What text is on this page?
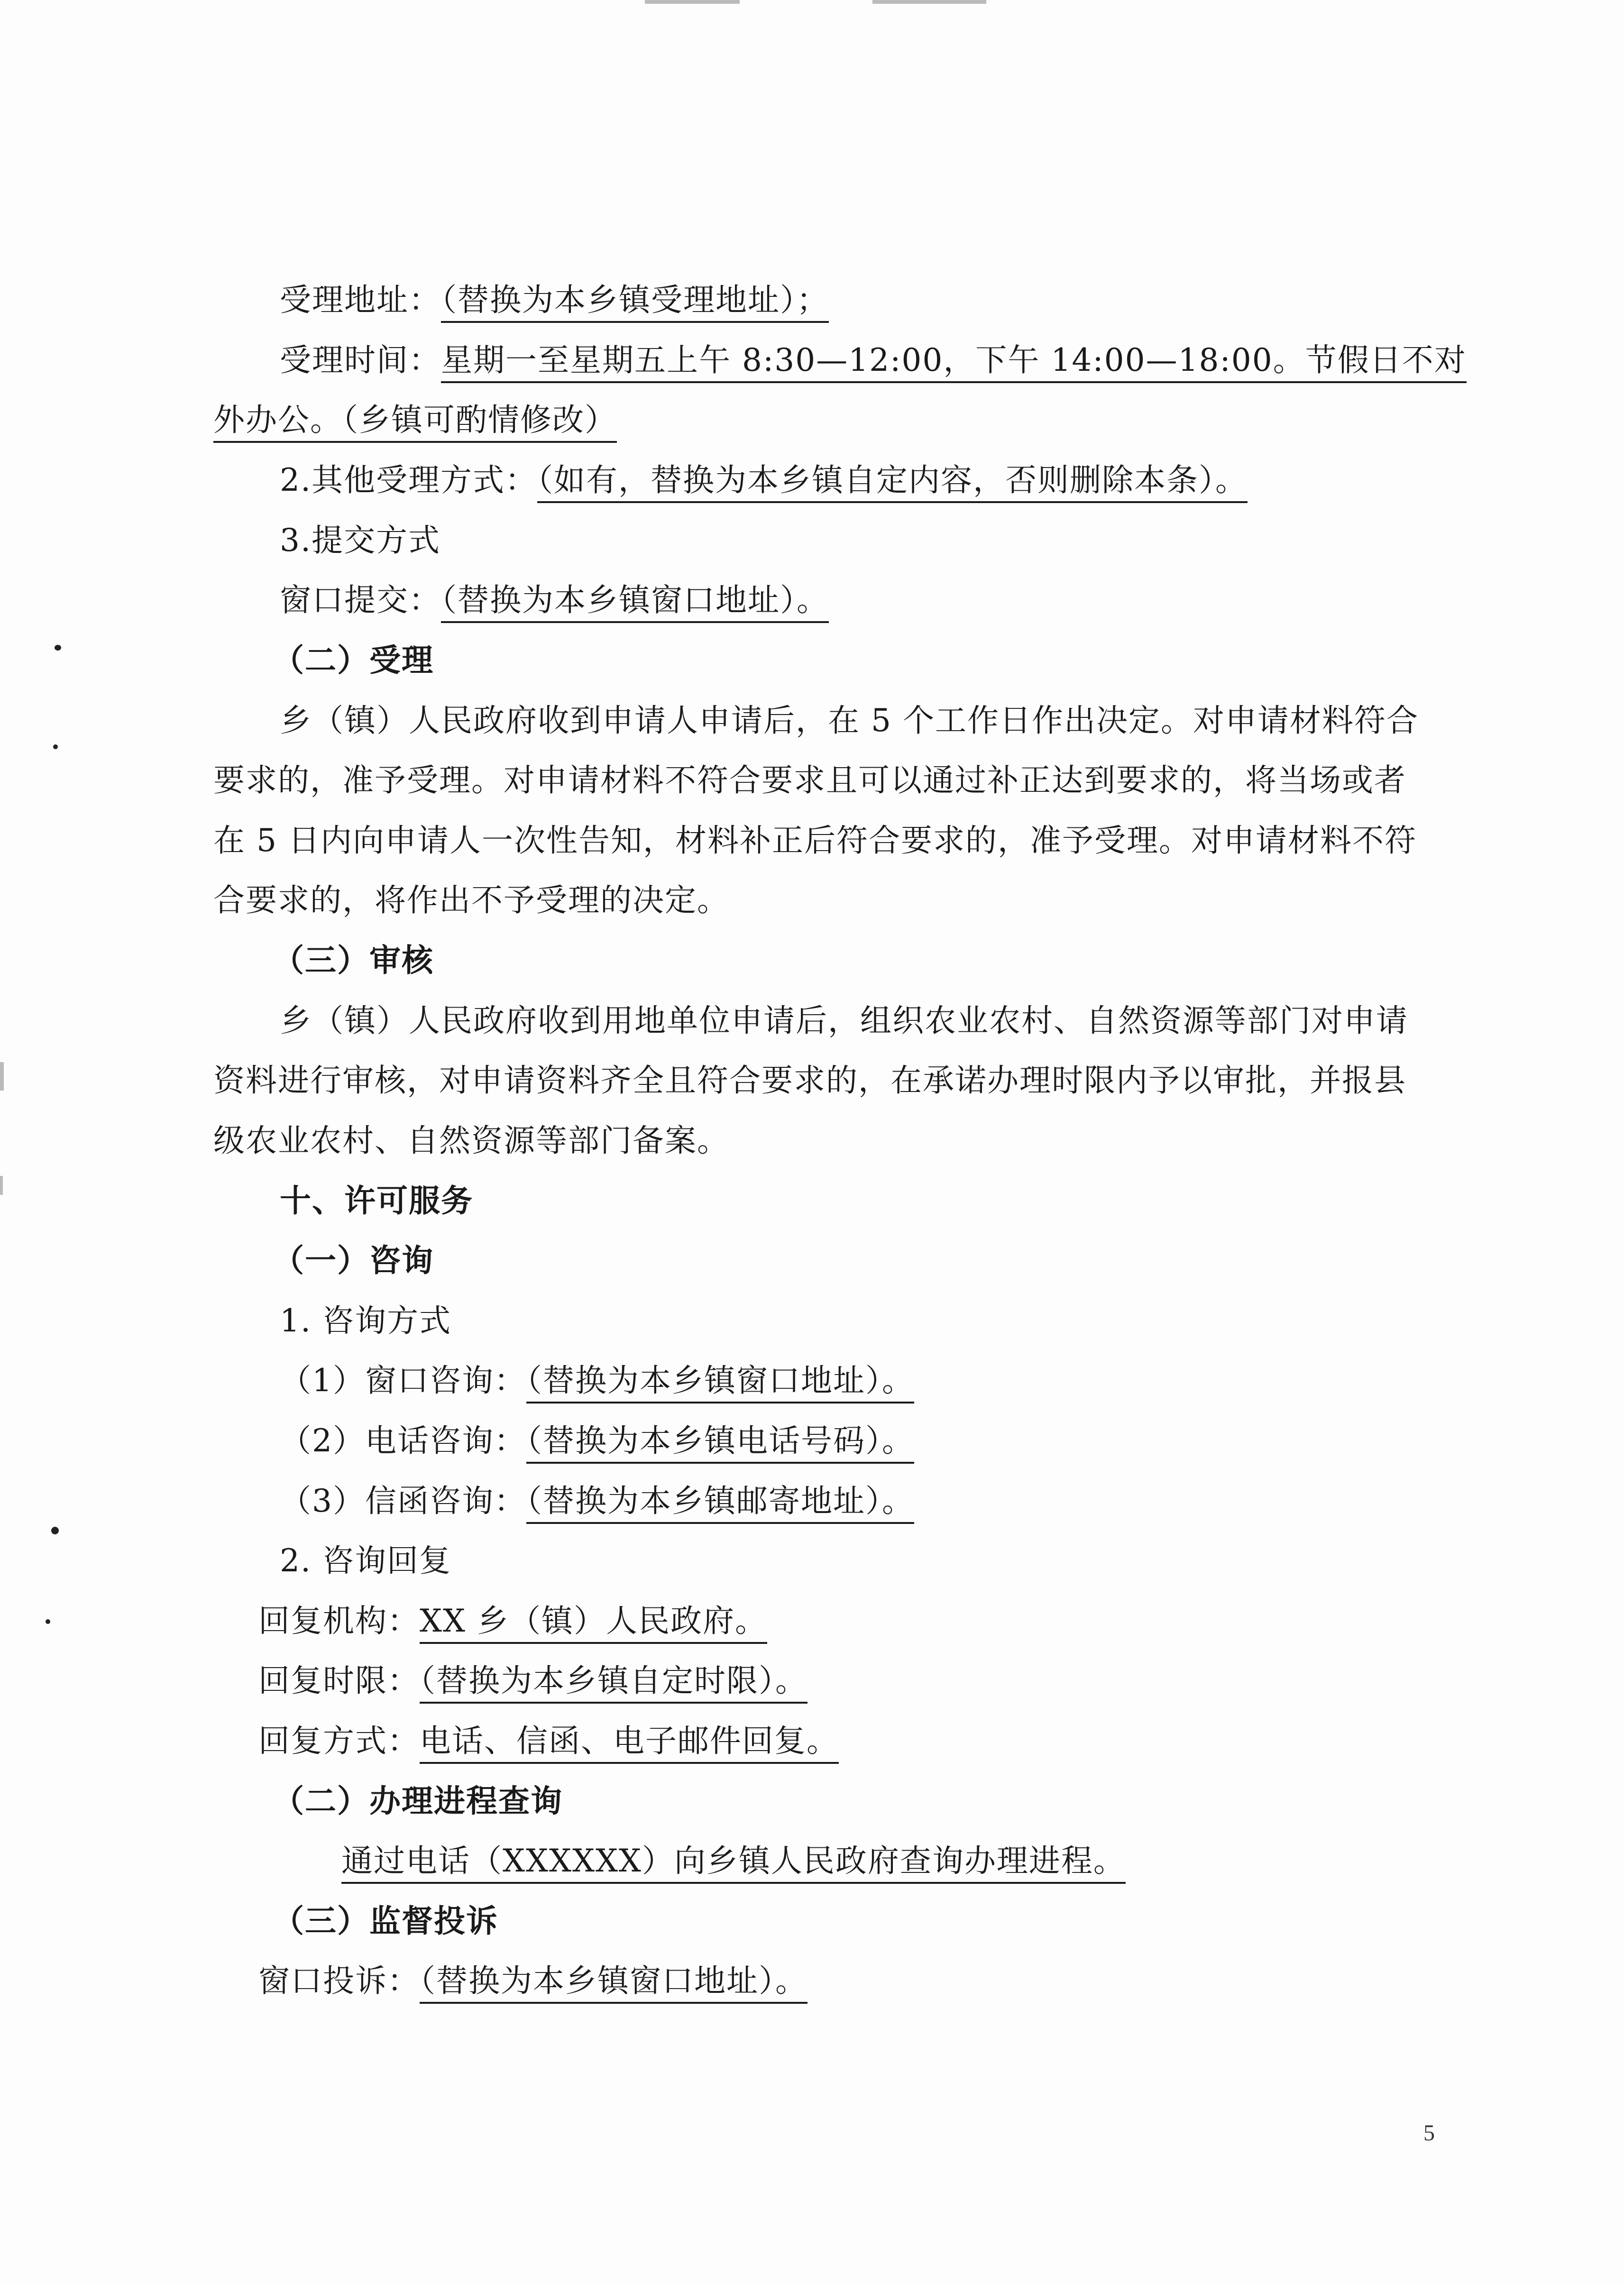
受理地址：（替换为本乡镇受理地址）；
受理时间：星期一至星期五上午 8:30—12:00，下午 14:00—18:00。节假日不对
外办公。（乡镇可酌情修改）
2.其他受理方式：（如有，替换为本乡镇自定内容，否则删除本条）。
3.提交方式
窗口提交：（替换为本乡镇窗口地址）。
（二）受理
乡（镇）人民政府收到申请人申请后，在 5 个工作日作出决定。对申请材料符合
要求的，准予受理。对申请材料不符合要求且可以通过补正达到要求的，将当场或者
在 5 日内向申请人一次性告知，材料补正后符合要求的，准予受理。对申请材料不符
合要求的，将作出不予受理的决定。
（三）审核
乡（镇）人民政府收到用地单位申请后，组织农业农村、自然资源等部门对申请
资料进行审核，对申请资料齐全且符合要求的，在承诺办理时限内予以审批，并报县
级农业农村、自然资源等部门备案。
十、许可服务
（一）咨询
1. 咨询方式
（1）窗口咨询：（替换为本乡镇窗口地址）。
（2）电话咨询：（替换为本乡镇电话号码）。
（3）信函咨询：（替换为本乡镇邮寄地址）。
2. 咨询回复
回复机构：XX 乡（镇）人民政府。
回复时限：（替换为本乡镇自定时限）。
回复方式：电话、信函、电子邮件回复。
（二）办理进程查询
通过电话（XXXXXX）向乡镇人民政府查询办理进程。
（三）监督投诉
窗口投诉：（替换为本乡镇窗口地址）。
5
